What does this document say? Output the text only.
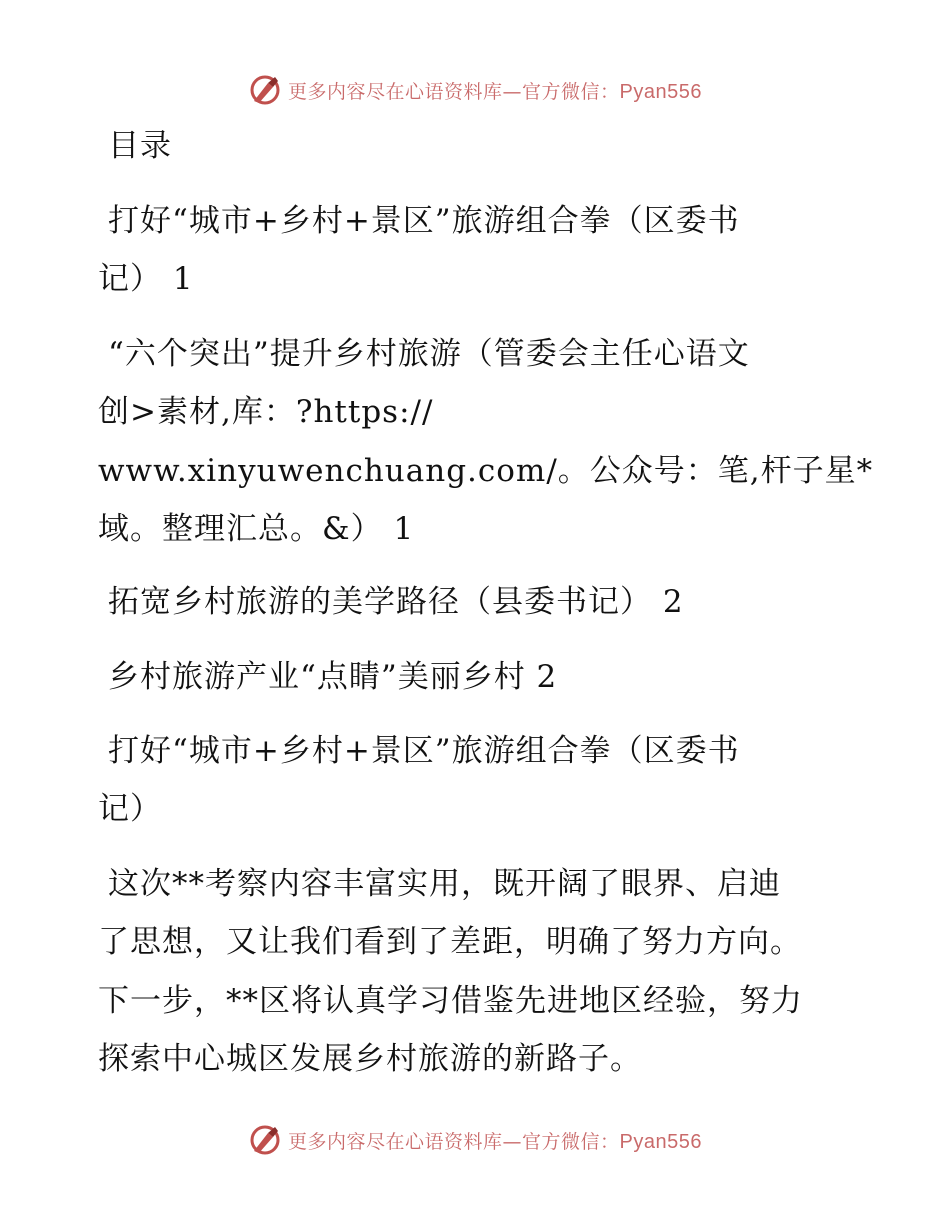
更多内容尽在心语资料库—官方微信：Pyan556
目录
打好“城市+乡村+景区”旅游组合拳（区委书
记） 1
“六个突出”提升乡村旅游（管委会主任心语文
创>素材,库：?https://
www.xinyuwenchuang.com/。公众号：笔,杆子星*
域。整理汇总。&） 1
拓宽乡村旅游的美学路径（县委书记） 2
乡村旅游产业“点睛”美丽乡村 2
打好“城市+乡村+景区”旅游组合拳（区委书
记）
这次**考察内容丰富实用，既开阔了眼界、启迪
了思想，又让我们看到了差距，明确了努力方向。
下一步，**区将认真学习借鉴先进地区经验，努力
探索中心城区发展乡村旅游的新路子。
更多内容尽在心语资料库—官方微信：Pyan556
